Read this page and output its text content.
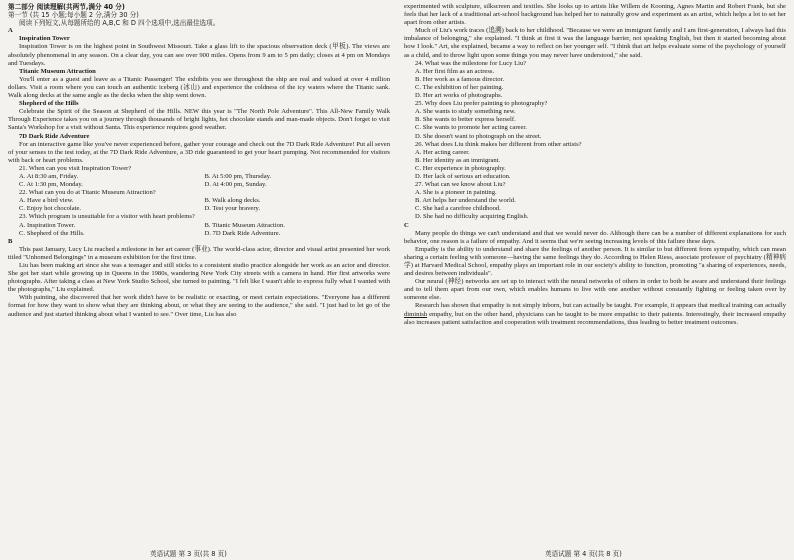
第二部分 阅读理解(共两节,满分 40 分)

第一节 (共 15 小题;每小题 2 分,满分 30 分)

阅读下列短文,从每题所给的 A,B,C 和 D 四个选项中,选出最佳选项。

A

Inspiration Tower

Inspiration Tower is on the highest point in Southwest Missouri. Take a glass lift to the spacious observation deck (甲板). The views are absolutely phenomenal in any season. On a clear day, you can see over 900 miles. Opens from 9 am to 5 pm daily; closes at 4 pm on Mondays and Tuesdays.

Titanic Museum Attraction

You'll enter as a guest and leave as a Titanic Passenger! The exhibits you see throughout the ship are real and valued at over 4 million dollars. Visit a room where you can touch an authentic iceberg (冰山) and experience the coldness of the icy waters where the Titanic sank. Walk along decks at the same angle as the decks when the ship went down.

Shepherd of the Hills

Celebrate the Spirit of the Season at Shepherd of the Hills. NEW this year is "The North Pole Adventure". This All-New Family Walk Through Experience takes you on a journey through thousands of bright lights, hot chocolate stands and man-made objects. Don't forget to visit Santa's Workshop for a visit without Santa. This experience requires good weather.

7D Dark Ride Adventure

For an interactive game like you've never experienced before, gather your courage and check out the 7D Dark Ride Adventure! Put all seven of your senses to the test today, at the 7D Dark Ride Adventure, a 3D ride guaranteed to get your heart pumping. Not recommended for visitors with back or heart problems.

21. When can you visit Inspiration Tower?

A. At 8:30 am, Friday.	B. At 5:00 pm, Thursday.
C. At 1:30 pm, Monday.	D. At 4:00 pm, Sunday.

22. What can you do at Titanic Museum Attraction?

A. Have a bird view.	B. Walk along decks.
C. Enjoy hot chocolate.	D. Test your bravery.

23. Which program is unsuitable for a visitor with heart problems?

A. Inspiration Tower.	B. Titanic Museum Attraction.
C. Shepherd of the Hills.	D. 7D Dark Ride Adventure.

B

This past January, Lucy Liu reached a milestone in her art career (事业). The world-class actor, director and visual artist presented her work titled "Unhomed Belongings" in a museum exhibition for the first time.

Liu has been making art since she was a teenager and still sticks to a consistent studio practice alongside her work as an actor and director. She got her start while growing up in Queens in the 1980s, wandering New York City streets with a camera in hand. Her first artworks were photographs. After taking a class at New York Studio School, she turned to painting. "I felt like I wasn't able to express fully what I wanted with the photographs," Liu explained.

With painting, she discovered that her work didn't have to be realistic or exacting, or meet certain expectations. "Everyone has a different format for how they want to show what they are thinking about, or what they are seeing to the audience," she said. "I just had to let go of the audience and just started thinking about what I wanted to see." Over time, Liu has also

experimented with sculpture, silkscreen and textiles. She looks up to artists like Willem de Kooning, Agnes Martin and Robert Frank, but she feels that her lack of a traditional art-school background has helped her to naturally grow and experiment as an artist, which helps a lot to set her apart from other artists.

Much of Liu's work traces (追溯) back to her childhood. "Because we were an immigrant family and I am first-generation, I always had this imbalance of belonging," she explained. "I think at first it was the language barrier, not speaking English, but then it started becoming about how I look." Art, she explained, became a way to reflect on her younger self. "I think that art helps evaluate some of the psychology of yourself as a child, and to throw light upon some things you may never have understood," she said.

24. What was the milestone for Lucy Liu?

A. Her first film as an actress.
B. Her work as a famous director.
C. The exhibition of her painting.
D. Her art works of photographs.

25. Why does Liu prefer painting to photography?

A. She wants to study something new.
B. She wants to better express herself.
C. She wants to promote her acting career.
D. She doesn't want to photograph on the street.

26. What does Liu think makes her different from other artists?

A. Her acting career.
B. Her identity as an immigrant.
C. Her experience in photography.
D. Her lack of serious art education.

27. What can we know about Liu?

A. She is a pioneer in painting.
B. Art helps her understand the world.
C. She had a carefree childhood.
D. She had no difficulty acquiring English.

C

Many people do things we can't understand and that we would never do. Although there can be a number of different explanations for such behavior, one reason is a failure of empathy. And it seems that we're seeing increasing levels of this failure these days.

Empathy is the ability to understand and share the feelings of another person. It is similar to but different from sympathy, which can mean sharing a certain feeling with someone—having the same feelings they do. According to Helen Riess, associate professor of psychiatry (精神病学) at Harvard Medical School, empathy plays an important role in our society's ability to function, promoting "a sharing of experiences, needs, and desires between individuals".

Our neural (神经) networks are set up to interact with the neural networks of others in order to both be aware and understand their feelings and to tell them apart from our own, which enables humans to live with one another without constantly fighting or feeling taken over by someone else.

Research has shown that empathy is not simply inborn, but can actually be taught. For example, it appears that medical training can actually diminish empathy, but on the other hand, physicians can be taught to be more empathic to their patients. Interestingly, their increased empathy also increases patient satisfaction and cooperation with treatment recommendations, thus leading to better treatment outcomes.

英语试题 第 3 页(共 8 页)	英语试题 第 4 页(共 8 页)
